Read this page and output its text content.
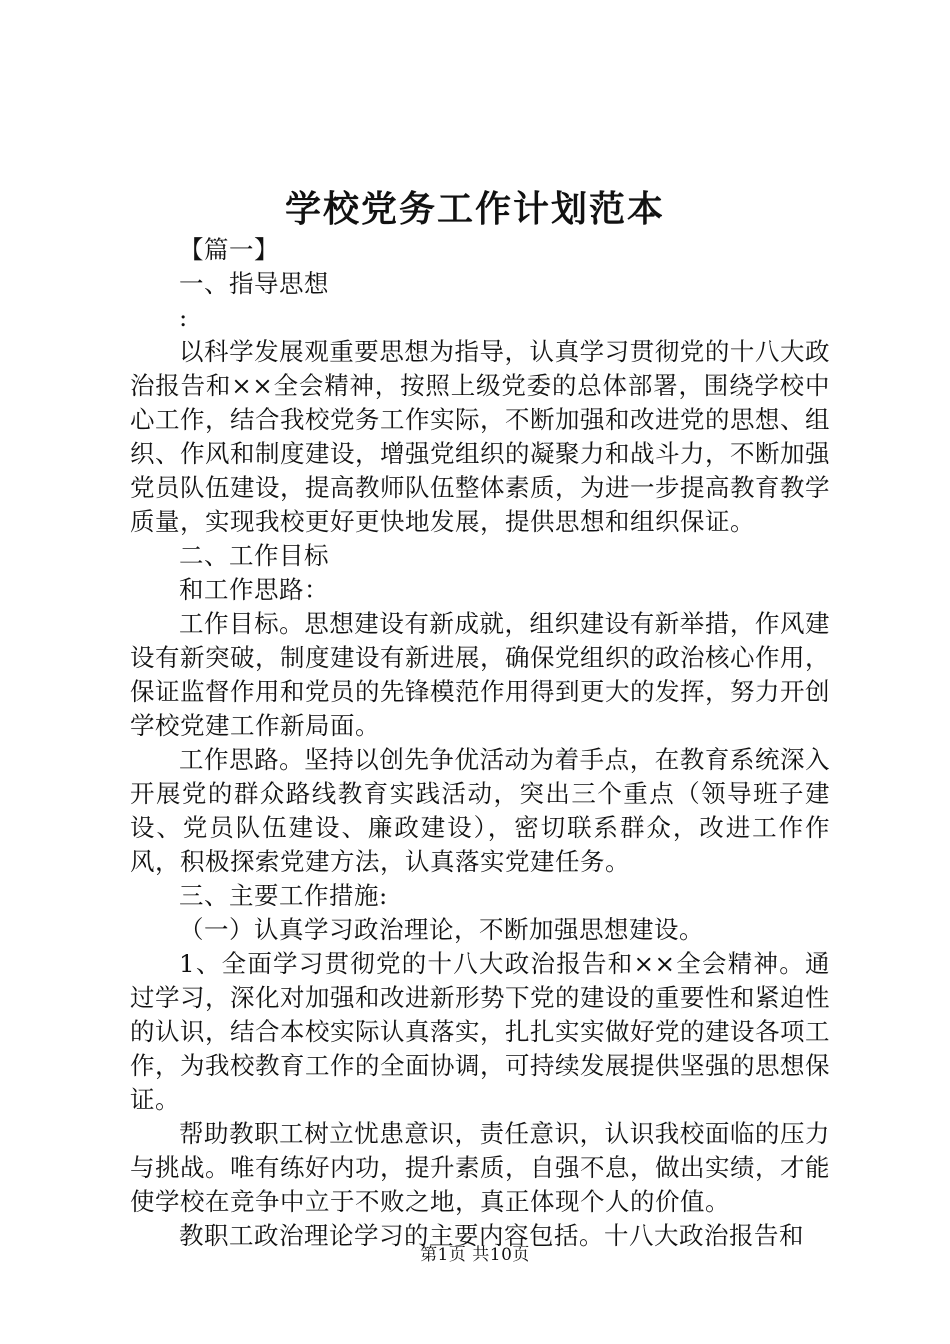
学校党务工作计划范本

【篇一】

一、指导思想

:

以科学发展观重要思想为指导，认真学习贯彻党的十八大政治报告和××全会精神，按照上级党委的总体部署，围绕学校中心工作，结合我校党务工作实际，不断加强和改进党的思想、组织、作风和制度建设，增强党组织的凝聚力和战斗力，不断加强党员队伍建设，提高教师队伍整体素质，为进一步提高教育教学质量，实现我校更好更快地发展，提供思想和组织保证。

二、工作目标

和工作思路：

工作目标。思想建设有新成就，组织建设有新举措，作风建设有新突破，制度建设有新进展，确保党组织的政治核心作用，保证监督作用和党员的先锋模范作用得到更大的发挥，努力开创学校党建工作新局面。

工作思路。坚持以创先争优活动为着手点，在教育系统深入开展党的群众路线教育实践活动，突出三个重点（领导班子建设、党员队伍建设、廉政建设），密切联系群众，改进工作作风，积极探索党建方法，认真落实党建任务。

三、主要工作措施:

（一）认真学习政治理论，不断加强思想建设。

1、全面学习贯彻党的十八大政治报告和××全会精神。通过学习，深化对加强和改进新形势下党的建设的重要性和紧迫性的认识，结合本校实际认真落实，扎扎实实做好党的建设各项工作，为我校教育工作的全面协调，可持续发展提供坚强的思想保证。

帮助教职工树立忧患意识，责任意识，认识我校面临的压力与挑战。唯有练好内功，提升素质，自强不息，做出实绩，才能使学校在竞争中立于不败之地，真正体现个人的价值。

教职工政治理论学习的主要内容包括。十八大政治报告和

第1页 共10页
